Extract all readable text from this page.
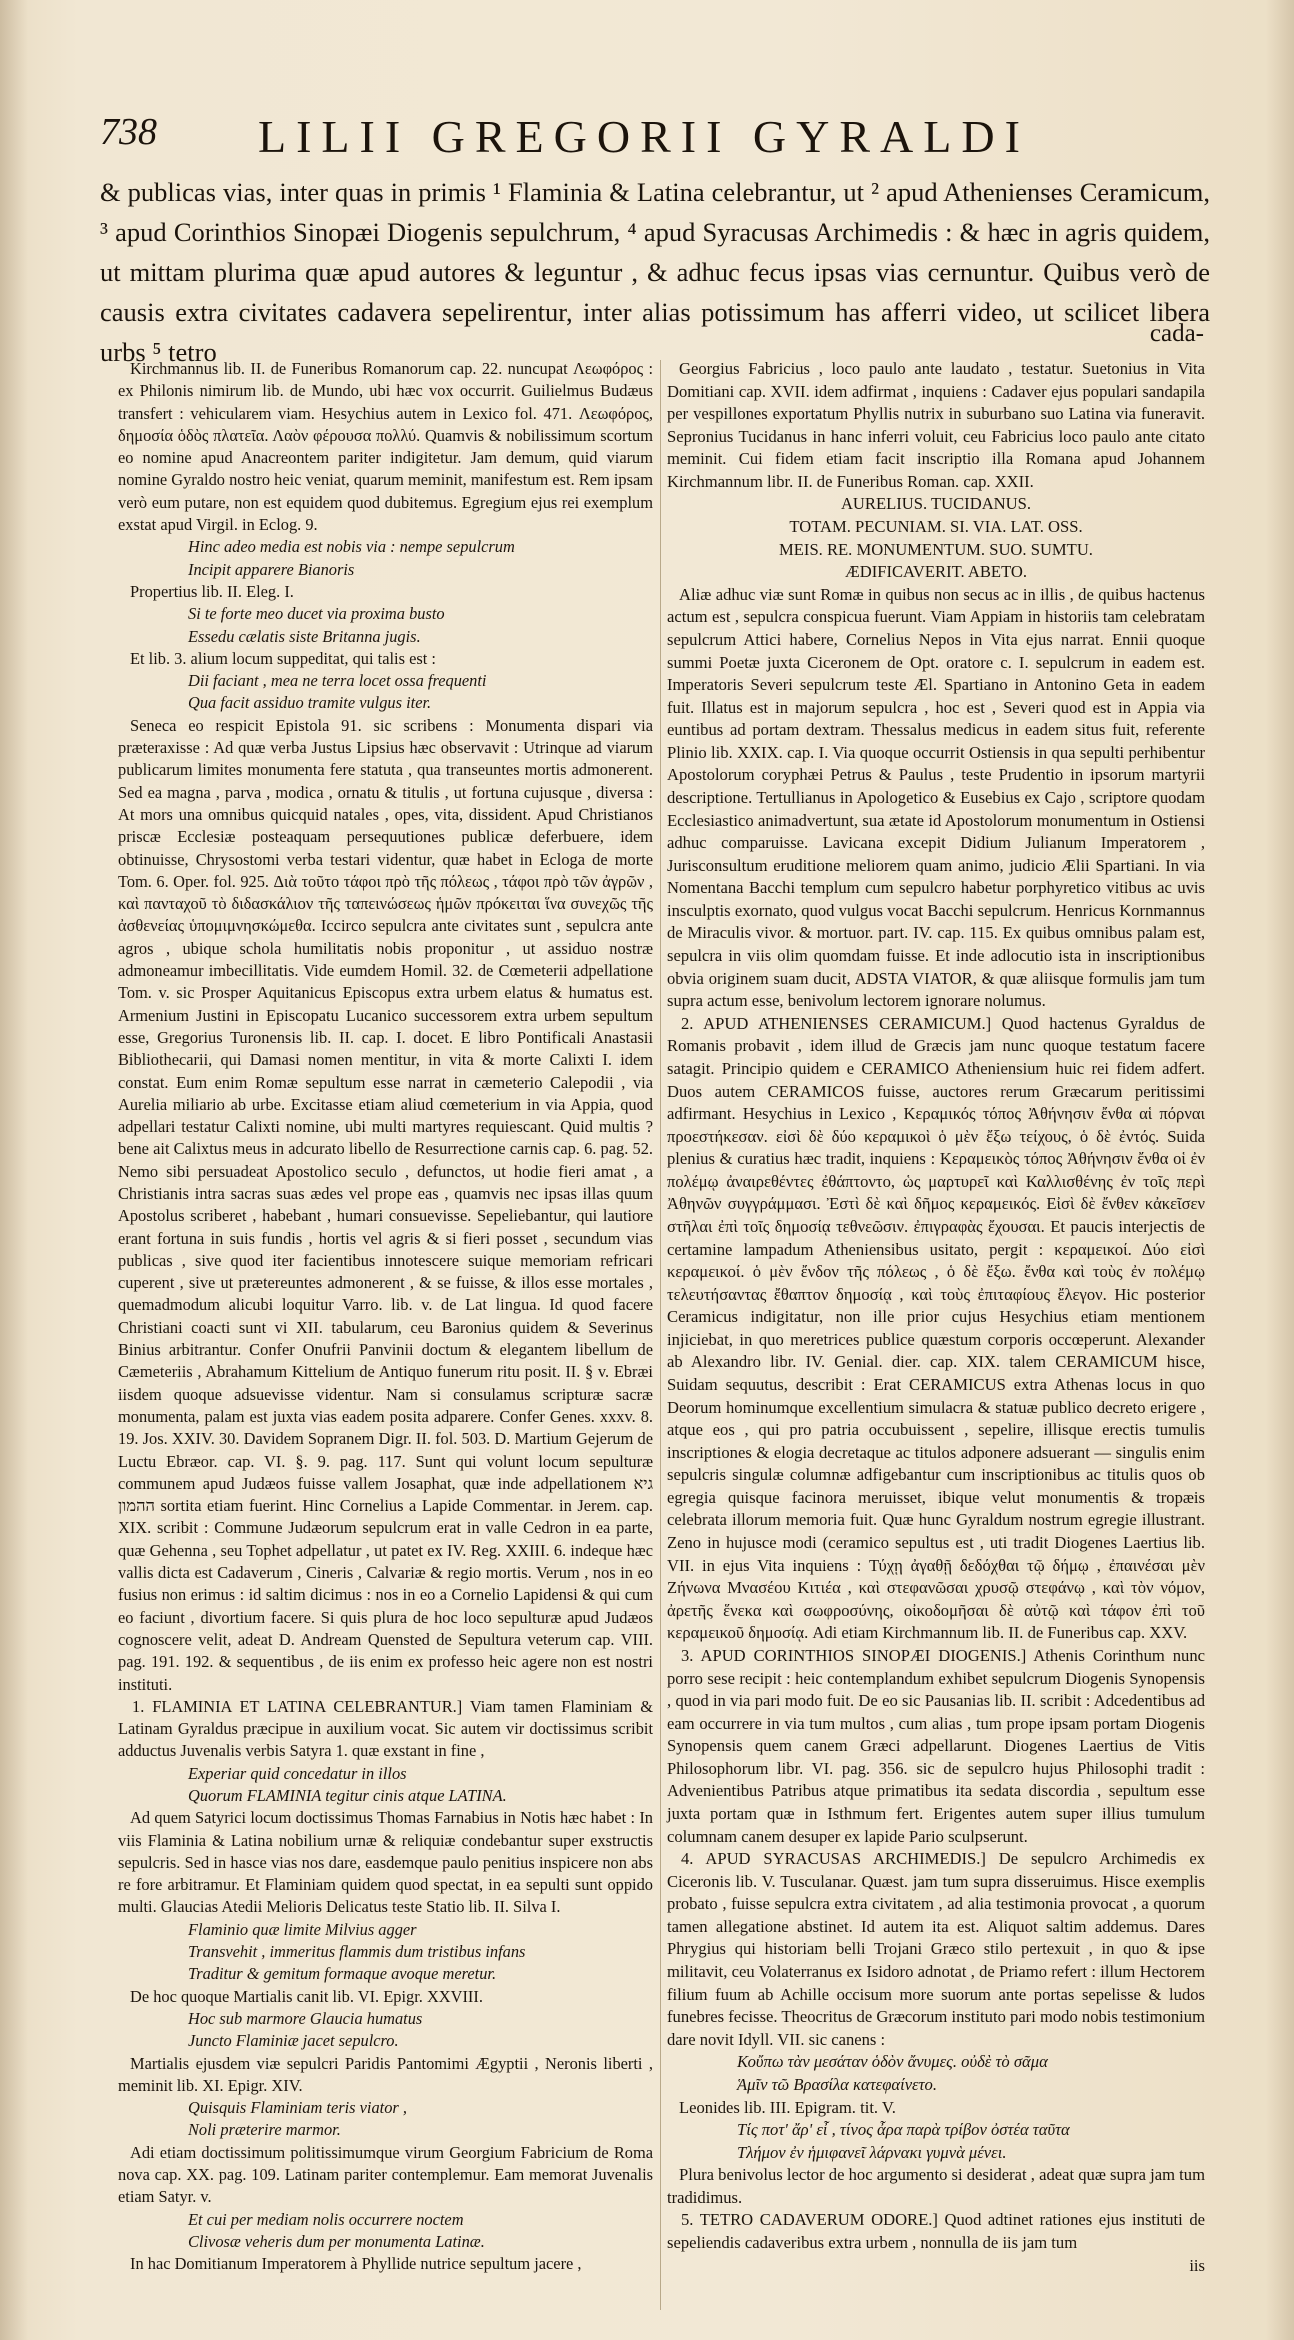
738 LILII GREGORII GYRALDI
& publicas vias, inter quas in primis ¹ Flaminia & Latina celebrantur, ut ² apud Athenienses Ceramicum, ³ apud Corinthios Sinopæi Diogenis sepulchrum, ⁴ apud Syracusas Archimedis : & hæc in agris quidem, ut mittam plurima quæ apud autores & leguntur , & adhuc fecus ipsas vias cernuntur. Quibus verò de causis extra civitates cadavera sepelirentur, inter alias potissimum has afferri video, ut scilicet libera urbs ⁵ tetro
cada-

Kirchmannus lib. II. de Funeribus Romanorum cap. 22. nuncupat Λεωφόρος : ex Philonis nimirum lib. de Mundo, ubi hæc vox occurrit. Guilielmus Budæus transfert : vehicularem viam. Hesychius autem in Lexico fol. 471. Λεωφόρος, δημοσία ὁδὸς πλατεῖα. Λαὸν φέρουσα πολλύ. Quamvis & nobilissimum scortum eo nomine apud Anacreontem pariter indigitetur. Jam demum, quid viarum nomine Gyraldo nostro heic veniat, quarum meminit, manifestum est. Rem ipsam verò eum putare, non est equidem quod dubitemus. Egregium ejus rei exemplum exstat apud Virgil. in Eclog. 9.

Hinc adeo media est nobis via : nempe sepulcrum

Incipit apparere Bianoris

Propertius lib. II. Eleg. I.

Si te forte meo ducet via proxima busto

Essedu cælatis siste Britanna jugis.

Et lib. 3. alium locum suppeditat, qui talis est :

Dii faciant , mea ne terra locet ossa frequenti

Qua facit assiduo tramite vulgus iter.

Seneca eo respicit Epistola 91. sic scribens : Monumenta dispari via præteraxisse : Ad quæ verba Justus Lipsius hæc observavit : Utrinque ad viarum publicarum limites monumenta fere statuta , qua transeuntes mortis admonerent. Sed ea magna , parva , modica , ornatu & titulis , ut fortuna cujusque , diversa : At mors una omnibus quicquid natales , opes, vita, dissident. Apud Christianos priscæ Ecclesiæ posteaquam persequutiones publicæ deferbuere, idem obtinuisse, Chrysostomi verba testari videntur, quæ habet in Ecloga de morte Tom. 6. Oper. fol. 925. Διὰ τοῦτο τάφοι πρὸ τῆς πόλεως , τάφοι πρὸ τῶν ἀγρῶν , καὶ πανταχοῦ τὸ διδασκάλιον τῆς ταπεινώσεως ἡμῶν πρόκειται ἵνα συνεχῶς τῆς ἀσθενείας ὑπομιμνησκώμεθα. Iccirco sepulcra ante civitates sunt , sepulcra ante agros , ubique schola humilitatis nobis proponitur , ut assiduo nostræ admoneamur imbecillitatis. Vide eumdem Homil. 32. de Cœmeterii adpellatione Tom. v. sic Prosper Aquitanicus Episcopus extra urbem elatus & humatus est. Armenium Justini in Episcopatu Lucanico successorem extra urbem sepultum esse, Gregorius Turonensis lib. II. cap. I. docet. E libro Pontificali Anastasii Bibliothecarii, qui Damasi nomen mentitur, in vita & morte Calixti I. idem constat. Eum enim Romæ sepultum esse narrat in cæmeterio Calepodii , via Aurelia miliario ab urbe. Excitasse etiam aliud cœmeterium in via Appia, quod adpellari testatur Calixti nomine, ubi multi martyres requiescant. Quid multis ? bene ait Calixtus meus in adcurato libello de Resurrectione carnis cap. 6. pag. 52. Nemo sibi persuadeat Apostolico seculo , defunctos, ut hodie fieri amat , a Christianis intra sacras suas ædes vel prope eas , quamvis nec ipsas illas quum Apostolus scriberet , habebant , humari consuevisse. Sepeliebantur, qui lautiore erant fortuna in suis fundis , hortis vel agris & si fieri posset , secundum vias publicas , sive quod iter facientibus innotescere suique memoriam refricari cuperent , sive ut prætereuntes admonerent , & se fuisse, & illos esse mortales , quemadmodum alicubi loquitur Varro. lib. v. de Lat lingua. Id quod facere Christiani coacti sunt vi XII. tabularum, ceu Baronius quidem & Severinus Binius arbitrantur. Confer Onufrii Panvinii doctum & elegantem libellum de Cæmeteriis , Abrahamum Kittelium de Antiquo funerum ritu posit. II. § v. Ebræi iisdem quoque adsuevisse videntur. Nam si consulamus scripturæ sacræ monumenta, palam est juxta vias eadem posita adparere. Confer Genes. xxxv. 8. 19. Jos. XXIV. 30. Davidem Sopranem Digr. II. fol. 503. D. Martium Gejerum de Luctu Ebræor. cap. VI. §. 9. pag. 117. Sunt qui volunt locum sepulturæ communem apud Judæos fuisse vallem Josaphat, quæ inde adpellationem גיא ההמון sortita etiam fuerint. Hinc Cornelius a Lapide Commentar. in Jerem. cap. XIX. scribit : Commune Judæorum sepulcrum erat in valle Cedron in ea parte, quæ Gehenna , seu Tophet adpellatur , ut patet ex IV. Reg. XXIII. 6. indeque hæc vallis dicta est Cadaverum , Cineris , Calvariæ & regio mortis. Verum , nos in eo fusius non erimus : id saltim dicimus : nos in eo a Cornelio Lapidensi & qui cum eo faciunt , divortium facere. Si quis plura de hoc loco sepulturæ apud Judæos cognoscere velit, adeat D. Andream Quensted de Sepultura veterum cap. VIII. pag. 191. 192. & sequentibus , de iis enim ex professo heic agere non est nostri instituti.

1. FLAMINIA ET LATINA CELEBRANTUR.] Viam tamen Flaminiam & Latinam Gyraldus præcipue in auxilium vocat. Sic autem vir doctissimus scribit adductus Juvenalis verbis Satyra 1. quæ exstant in fine ,

Experiar quid concedatur in illos

Quorum FLAMINIA tegitur cinis atque LATINA.

Ad quem Satyrici locum doctissimus Thomas Farnabius in Notis hæc habet : In viis Flaminia & Latina nobilium urnæ & reliquiæ condebantur super exstructis sepulcris. Sed in hasce vias nos dare, easdemque paulo penitius inspicere non abs re fore arbitramur. Et Flaminiam quidem quod spectat, in ea sepulti sunt oppido multi. Glaucias Atedii Melioris Delicatus teste Statio lib. II. Silva I.

Flaminio quæ limite Milvius agger

Transvehit , immeritus flammis dum tristibus infans

Traditur & gemitum formaque avoque meretur.

De hoc quoque Martialis canit lib. VI. Epigr. XXVIII.

Hoc sub marmore Glaucia humatus

Juncto Flaminiæ jacet sepulcro.

Martialis ejusdem viæ sepulcri Paridis Pantomimi Ægyptii , Neronis liberti , meminit lib. XI. Epigr. XIV.

Quisquis Flaminiam teris viator ,

Noli præterire marmor.

Adi etiam doctissimum politissimumque virum Georgium Fabricium de Roma nova cap. XX. pag. 109. Latinam pariter contemplemur. Eam memorat Juvenalis etiam Satyr. v.

Et cui per mediam nolis occurrere noctem

Clivosæ veheris dum per monumenta Latinæ.

In hac Domitianum Imperatorem à Phyllide nutrice sepultum jacere ,

Georgius Fabricius , loco paulo ante laudato , testatur. Suetonius in Vita Domitiani cap. XVII. idem adfirmat , inquiens : Cadaver ejus populari sandapila per vespillones exportatum Phyllis nutrix in suburbano suo Latina via funeravit. Sepronius Tucidanus in hanc inferri voluit, ceu Fabricius loco paulo ante citato meminit. Cui fidem etiam facit inscriptio illa Romana apud Johannem Kirchmannum libr. II. de Funeribus Roman. cap. XXII.

AURELIUS. TUCIDANUS.

TOTAM. PECUNIAM. SI. VIA. LAT. OSS.

MEIS. RE. MONUMENTUM. SUO. SUMTU.

ÆDIFICAVERIT. ABETO.

Aliæ adhuc viæ sunt Romæ in quibus non secus ac in illis , de quibus hactenus actum est , sepulcra conspicua fuerunt. Viam Appiam in historiis tam celebratam sepulcrum Attici habere, Cornelius Nepos in Vita ejus narrat. Ennii quoque summi Poetæ juxta Ciceronem de Opt. oratore c. I. sepulcrum in eadem est. Imperatoris Severi sepulcrum teste Æl. Spartiano in Antonino Geta in eadem fuit. Illatus est in majorum sepulcra , hoc est , Severi quod est in Appia via euntibus ad portam dextram. Thessalus medicus in eadem situs fuit, referente Plinio lib. XXIX. cap. I. Via quoque occurrit Ostiensis in qua sepulti perhibentur Apostolorum coryphæi Petrus & Paulus , teste Prudentio in ipsorum martyrii descriptione. Tertullianus in Apologetico & Eusebius ex Cajo , scriptore quodam Ecclesiastico animadvertunt, sua ætate id Apostolorum monumentum in Ostiensi adhuc comparuisse. Lavicana excepit Didium Julianum Imperatorem , Jurisconsultum eruditione meliorem quam animo, judicio Ælii Spartiani. In via Nomentana Bacchi templum cum sepulcro habetur porphyretico vitibus ac uvis insculptis exornato, quod vulgus vocat Bacchi sepulcrum. Henricus Kornmannus de Miraculis vivor. & mortuor. part. IV. cap. 115. Ex quibus omnibus palam est, sepulcra in viis olim quomdam fuisse. Et inde adlocutio ista in inscriptionibus obvia originem suam ducit, ADSTA VIATOR, & quæ aliisque formulis jam tum supra actum esse, benivolum lectorem ignorare nolumus.

2. APUD ATHENIENSES CERAMICUM.] Quod hactenus Gyraldus de Romanis probavit , idem illud de Græcis jam nunc quoque testatum facere satagit. Principio quidem e CERAMICO Atheniensium huic rei fidem adfert. Duos autem CERAMICOS fuisse, auctores rerum Græcarum peritissimi adfirmant. Hesychius in Lexico , Κεραμικός τόπος Ἀθήνησιν ἔνθα αἱ πόρναι προεστήκεσαν. εἰσὶ δὲ δύο κεραμικοὶ ὁ μὲν ἔξω τείχους, ὁ δὲ ἐντός. Suida plenius & curatius hæc tradit, inquiens : Κεραμεικὸς τόπος Ἀθήνησιν ἔνθα οἱ ἐν πολέμῳ ἀναιρεθέντες ἐθάπτοντο, ὡς μαρτυρεῖ καὶ Καλλισθένης ἐν τοῖς περὶ Ἀθηνῶν συγγράμμασι. Ἐστὶ δὲ καὶ δῆμος κεραμεικός. Εἰσὶ δὲ ἔνθεν κἀκεῖσεν στῆλαι ἐπὶ τοῖς δημοσίᾳ τεθνεῶσιν. ἐπιγραφὰς ἔχουσαι. Et paucis interjectis de certamine lampadum Atheniensibus usitato, pergit : κεραμεικοί. Δύο εἰσὶ κεραμεικοί. ὁ μὲν ἔνδον τῆς πόλεως , ὁ δὲ ἔξω. ἔνθα καὶ τοὺς ἐν πολέμῳ τελευτήσαντας ἔθαπτον δημοσίᾳ , καὶ τοὺς ἐπιταφίους ἔλεγον. Hic posterior Ceramicus indigitatur, non ille prior cujus Hesychius etiam mentionem injiciebat, in quo meretrices publice quæstum corporis occœperunt. Alexander ab Alexandro libr. IV. Genial. dier. cap. XIX. talem CERAMICUM hisce, Suidam sequutus, describit : Erat CERAMICUS extra Athenas locus in quo Deorum hominumque excellentium simulacra & statuæ publico decreto erigere , atque eos , qui pro patria occubuissent , sepelire, illisque erectis tumulis inscriptiones & elogia decretaque ac titulos adponere adsuerant — singulis enim sepulcris singulæ columnæ adfigebantur cum inscriptionibus ac titulis quos ob egregia quisque facinora meruisset, ibique velut monumentis & tropæis celebrata illorum memoria fuit. Quæ hunc Gyraldum nostrum egregie illustrant. Zeno in hujusce modi (ceramico sepultus est , uti tradit Diogenes Laertius lib. VII. in ejus Vita inquiens : Τύχῃ ἀγαθῇ δεδόχθαι τῷ δήμῳ , ἐπαινέσαι μὲν Ζήνωνα Μνασέου Κιτιέα , καὶ στεφανῶσαι χρυσῷ στεφάνῳ , καὶ τὸν νόμον, ἀρετῆς ἕνεκα καὶ σωφροσύνης, οἰκοδομῆσαι δὲ αὐτῷ καὶ τάφον ἐπὶ τοῦ κεραμεικοῦ δημοσίᾳ. Adi etiam Kirchmannum lib. II. de Funeribus cap. XXV.

3. APUD CORINTHIOS SINOPÆI DIOGENIS.] Athenis Corinthum nunc porro sese recipit : heic contemplandum exhibet sepulcrum Diogenis Synopensis , quod in via pari modo fuit. De eo sic Pausanias lib. II. scribit : Adcedentibus ad eam occurrere in via tum multos , cum alias , tum prope ipsam portam Diogenis Synopensis quem canem Græci adpellarunt. Diogenes Laertius de Vitis Philosophorum libr. VI. pag. 356. sic de sepulcro hujus Philosophi tradit : Advenientibus Patribus atque primatibus ita sedata discordia , sepultum esse juxta portam quæ in Isthmum fert. Erigentes autem super illius tumulum columnam canem desuper ex lapide Pario sculpserunt.

4. APUD SYRACUSAS ARCHIMEDIS.] De sepulcro Archimedis ex Ciceronis lib. V. Tusculanar. Quæst. jam tum supra disseruimus. Hisce exemplis probato , fuisse sepulcra extra civitatem , ad alia testimonia provocat , a quorum tamen allegatione abstinet. Id autem ita est. Aliquot saltim addemus. Dares Phrygius qui historiam belli Trojani Græco stilo pertexuit , in quo & ipse militavit, ceu Volaterranus ex Isidoro adnotat , de Priamo refert : illum Hectorem filium fuum ab Achille occisum more suorum ante portas sepelisse & ludos funebres fecisse. Theocritus de Græcorum instituto pari modo nobis testimonium dare novit Idyll. VII. sic canens :

Κοὔπω τὰν μεσάταν ὁδὸν ἄνυμες. οὐδὲ τὸ σᾶμα

Ἁμῖν τῶ Βρασίλα κατεφαίνετο.

Leonides lib. III. Epigram. tit. V.

Τίς ποτ' ἄρ' εἶ , τίνος ἆρα παρὰ τρίβον ὀστέα ταῦτα

Τλήμον ἐν ἡμιφανεῖ λάρνακι γυμνὰ μένει.

Plura benivolus lector de hoc argumento si desiderat , adeat quæ supra jam tum tradidimus.

5. TETRO CADAVERUM ODORE.] Quod adtinet rationes ejus instituti de sepeliendis cadaveribus extra urbem , nonnulla de iis jam tum

iis
